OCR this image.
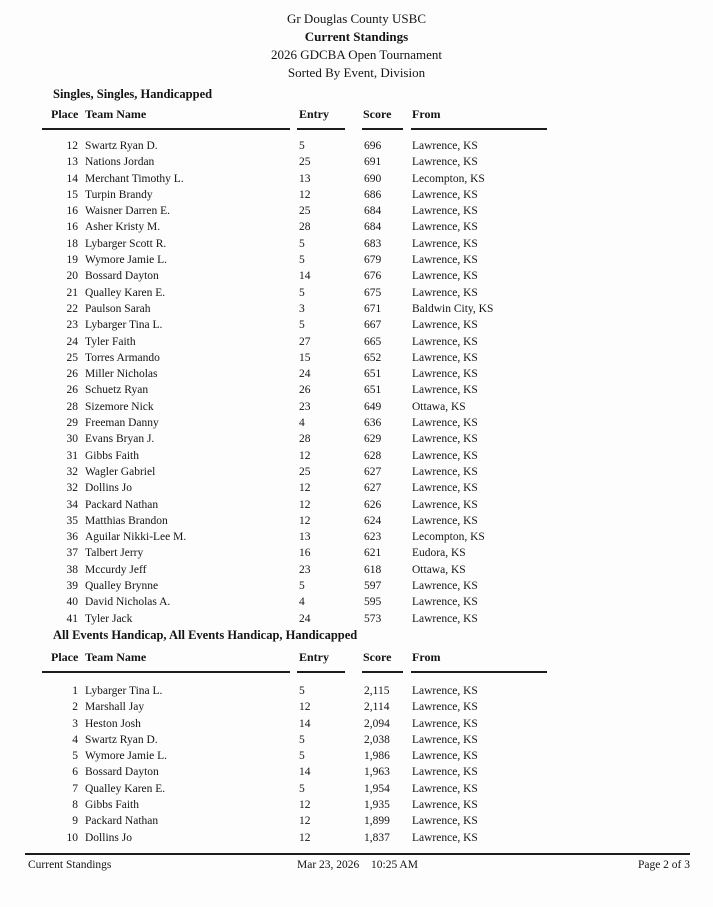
Gr Douglas County USBC
Current Standings
2026 GDCBA Open Tournament
Sorted By Event, Division
Singles, Singles, Handicapped
Place Team Name	Entry	Score From
12 Swartz Ryan D.	5	696	Lawrence, KS
13 Nations Jordan	25	691	Lawrence, KS
14 Merchant Timothy L.	13	690	Lecompton, KS
15 Turpin Brandy	12	686	Lawrence, KS
16 Waisner Darren E.	25	684	Lawrence, KS
16 Asher Kristy M.	28	684	Lawrence, KS
18 Lybarger Scott R.	5	683	Lawrence, KS
19 Wymore Jamie L.	5	679	Lawrence, KS
20 Bossard Dayton	14	676	Lawrence, KS
21 Qualley Karen E.	5	675	Lawrence, KS
22 Paulson Sarah	3	671	Baldwin City, KS
23 Lybarger Tina L.	5	667	Lawrence, KS
24 Tyler Faith	27	665	Lawrence, KS
25 Torres Armando	15	652	Lawrence, KS
26 Miller Nicholas	24	651	Lawrence, KS
26 Schuetz Ryan	26	651	Lawrence, KS
28 Sizemore Nick	23	649	Ottawa, KS
29 Freeman Danny	4	636	Lawrence, KS
30 Evans Bryan J.	28	629	Lawrence, KS
31 Gibbs Faith	12	628	Lawrence, KS
32 Wagler Gabriel	25	627	Lawrence, KS
32 Dollins Jo	12	627	Lawrence, KS
34 Packard Nathan	12	626	Lawrence, KS
35 Matthias Brandon	12	624	Lawrence, KS
36 Aguilar Nikki-Lee M.	13	623	Lecompton, KS
37 Talbert Jerry	16	621	Eudora, KS
38 Mccurdy Jeff	23	618	Ottawa, KS
39 Qualley Brynne	5	597	Lawrence, KS
40 David Nicholas A.	4	595	Lawrence, KS
41 Tyler Jack	24	573	Lawrence, KS
All Events Handicap, All Events Handicap, Handicapped
Place Team Name	Entry	Score From
1 Lybarger Tina L.	5	2,115 Lawrence, KS
2 Marshall Jay	12	2,114 Lawrence, KS
3 Heston Josh	14	2,094 Lawrence, KS
4 Swartz Ryan D.	5	2,038 Lawrence, KS
5 Wymore Jamie L.	5	1,986 Lawrence, KS
6 Bossard Dayton	14	1,963 Lawrence, KS
7 Qualley Karen E.	5	1,954 Lawrence, KS
8 Gibbs Faith	12	1,935 Lawrence, KS
9 Packard Nathan	12	1,899 Lawrence, KS
10 Dollins Jo	12	1,837 Lawrence, KS
Current Standings	Mar 23, 2026 10:25 AM	Page 2 of 3
